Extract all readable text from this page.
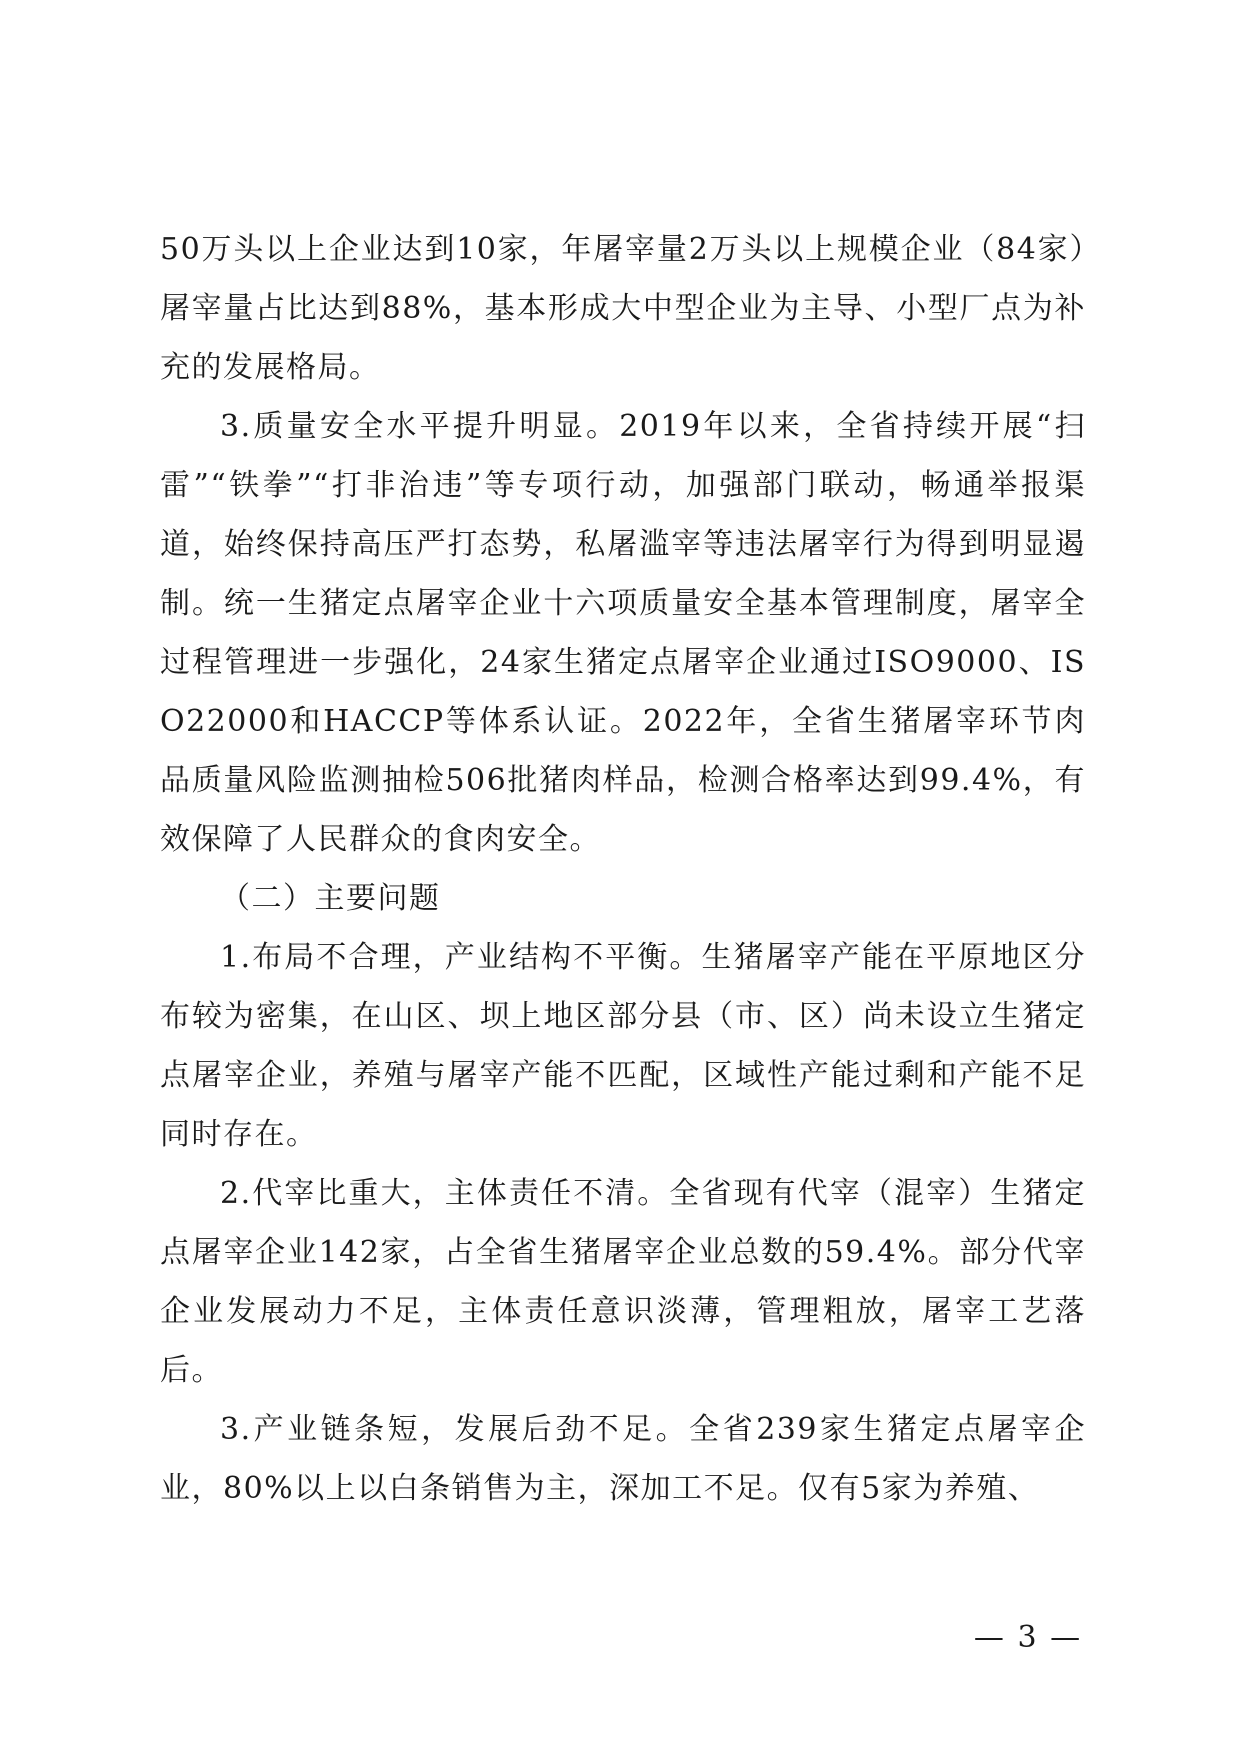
50万头以上企业达到10家，年屠宰量2万头以上规模企业（84家）屠宰量占比达到88%，基本形成大中型企业为主导、小型厂点为补充的发展格局。

3.质量安全水平提升明显。2019年以来，全省持续开展“扫雷”“铁拳”“打非治违”等专项行动，加强部门联动，畅通举报渠道，始终保持高压严打态势，私屠滥宰等违法屠宰行为得到明显遏制。统一生猪定点屠宰企业十六项质量安全基本管理制度，屠宰全过程管理进一步强化，24家生猪定点屠宰企业通过ISO9000、ISO22000和HACCP等体系认证。2022年，全省生猪屠宰环节肉品质量风险监测抽检506批猪肉样品，检测合格率达到99.4%，有效保障了人民群众的食肉安全。

（二）主要问题

1.布局不合理，产业结构不平衡。生猪屠宰产能在平原地区分布较为密集，在山区、坝上地区部分县（市、区）尚未设立生猪定点屠宰企业，养殖与屠宰产能不匹配，区域性产能过剩和产能不足同时存在。

2.代宰比重大，主体责任不清。全省现有代宰（混宰）生猪定点屠宰企业142家，占全省生猪屠宰企业总数的59.4%。部分代宰企业发展动力不足，主体责任意识淡薄，管理粗放，屠宰工艺落后。

3.产业链条短，发展后劲不足。全省239家生猪定点屠宰企业，80%以上以白条销售为主，深加工不足。仅有5家为养殖、

— 3 —
